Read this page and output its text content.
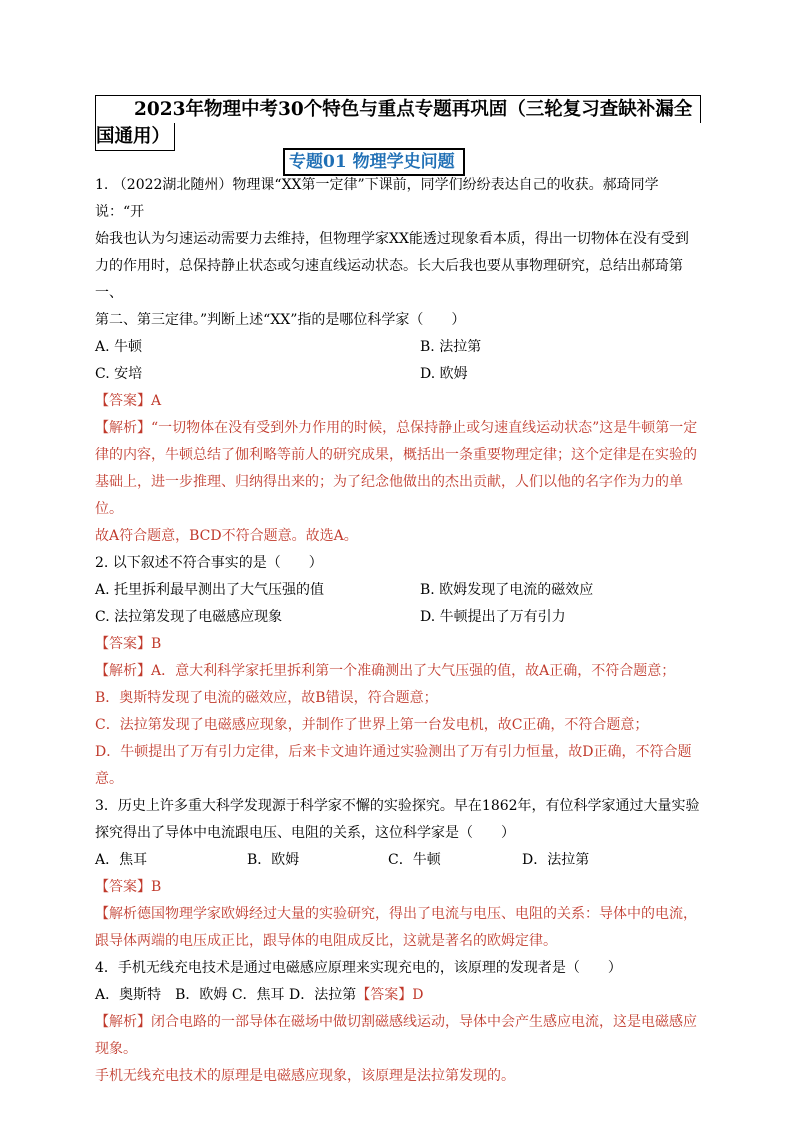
2023年物理中考30个特色与重点专题再巩固（三轮复习查缺补漏全
国通用）
专题01 物理学史问题

1. （2022湖北随州）物理课“XX第一定律”下课前，同学们纷纷表达自己的收获。郝琦同学说：“开

始我也认为匀速运动需要力去维持，但物理学家XX能透过现象看本质，得出一切物体在没有受到

力的作用时，总保持静止状态或匀速直线运动状态。长大后我也要从事物理研究，总结出郝琦第一、

第二、第三定律。”判断上述“XX”指的是哪位科学家（　　）

A. 牛顿	B. 法拉第
C. 安培	D. 欧姆

【答案】A

【解析】“一切物体在没有受到外力作用的时候，总保持静止或匀速直线运动状态”这是牛顿第一定

律的内容，牛顿总结了伽利略等前人的研究成果，概括出一条重要物理定律；这个定律是在实验的

基础上，进一步推理、归纳得出来的；为了纪念他做出的杰出贡献，人们以他的名字作为力的单位。

故A符合题意，BCD不符合题意。故选A。

2. 以下叙述不符合事实的是（　　）

A. 托里拆利最早测出了大气压强的值	B. 欧姆发现了电流的磁效应
C. 法拉第发现了电磁感应现象	D. 牛顿提出了万有引力

【答案】B

【解析】A．意大利科学家托里拆利第一个准确测出了大气压强的值，故A正确，不符合题意；

B．奥斯特发现了电流的磁效应，故B错误，符合题意；

C．法拉第发现了电磁感应现象，并制作了世界上第一台发电机，故C正确，不符合题意；

D．牛顿提出了万有引力定律，后来卡文迪许通过实验测出了万有引力恒量，故D正确，不符合题

意。

3．历史上许多重大科学发现源于科学家不懈的实验探究。早在1862年，有位科学家通过大量实验

探究得出了导体中电流跟电压、电阻的关系，这位科学家是（　　）

A．焦耳	B．欧姆	C．牛顿	D．法拉第

【答案】B

【解析德国物理学家欧姆经过大量的实验研究，得出了电流与电压、电阻的关系：导体中的电流，

跟导体两端的电压成正比，跟导体的电阻成反比，这就是著名的欧姆定律。

4．手机无线充电技术是通过电磁感应原理来实现充电的，该原理的发现者是（　　）

A．奥斯特　B．欧姆 C．焦耳 D．法拉第【答案】D

【解析】闭合电路的一部导体在磁场中做切割磁感线运动，导体中会产生感应电流，这是电磁感应

现象。

手机无线充电技术的原理是电磁感应现象，该原理是法拉第发现的。
